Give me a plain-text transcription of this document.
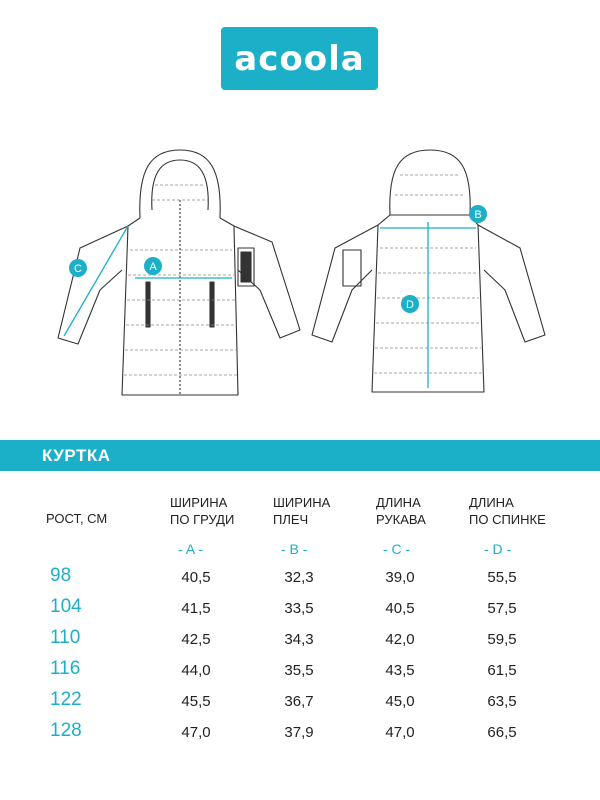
acoola
A
B
C
D
КУРТКА
РОСТ, СМ
ШИРИНА
ПО ГРУДИ
ШИРИНА
ПЛЕЧ
ДЛИНА
РУКАВА
ДЛИНА
ПО СПИНКЕ
- A -	- B -	- C -	- D -
98	40,5	32,3	39,0	55,5
104	41,5	33,5	40,5	57,5
110	42,5	34,3	42,0	59,5
116	44,0	35,5	43,5	61,5
122	45,5	36,7	45,0	63,5
128	47,0	37,9	47,0	66,5
